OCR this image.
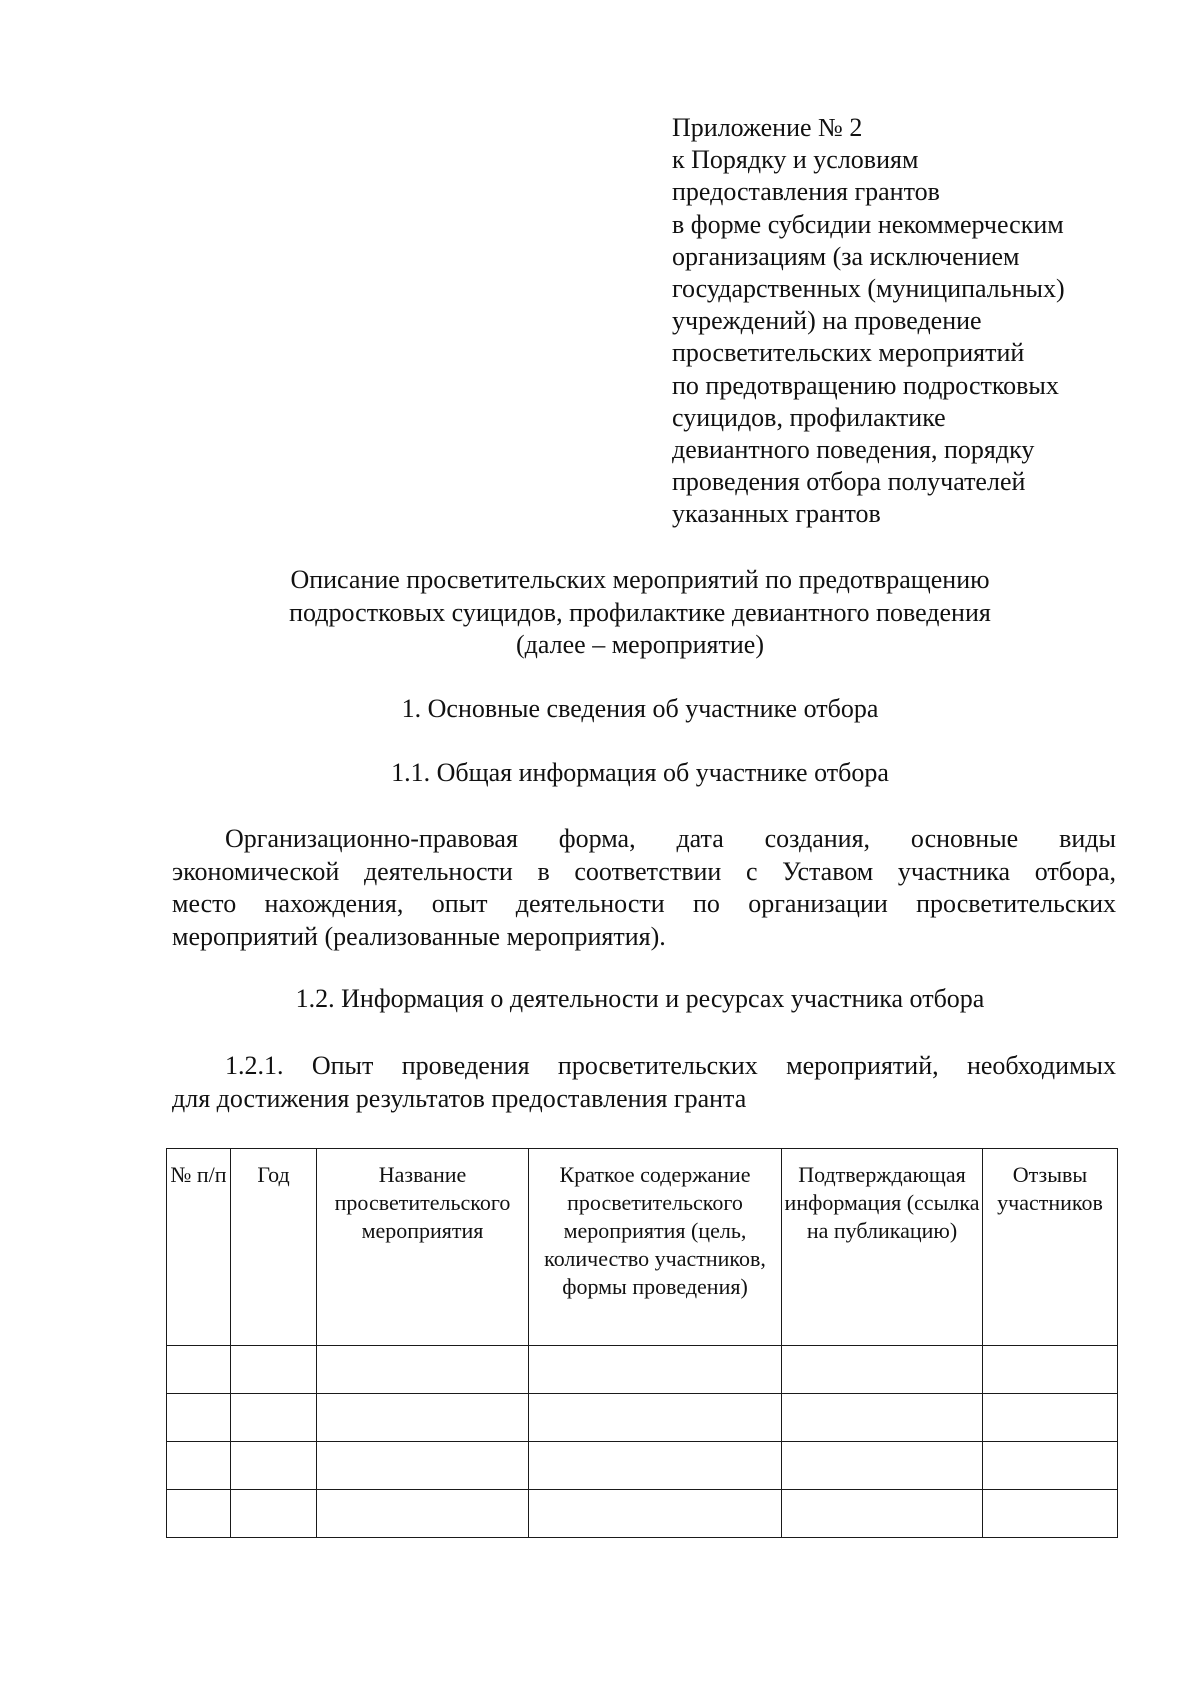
Приложение № 2
к Порядку и условиям
предоставления грантов
в форме субсидии некоммерческим
организациям (за исключением
государственных (муниципальных)
учреждений) на проведение
просветительских мероприятий
по предотвращению подростковых
суицидов, профилактике
девиантного поведения, порядку
проведения отбора получателей
указанных грантов
Описание просветительских мероприятий по предотвращению
подростковых суицидов, профилактике девиантного поведения
(далее – мероприятие)
1. Основные сведения об участнике отбора
1.1. Общая информация об участнике отбора
Организационно-правовая форма, дата создания, основные виды
экономической деятельности в соответствии с Уставом участника отбора,
место нахождения, опыт деятельности по организации просветительских
мероприятий (реализованные мероприятия).
1.2. Информация о деятельности и ресурсах участника отбора
1.2.1. Опыт проведения просветительских мероприятий, необходимых
для достижения результатов предоставления гранта
№ п/п	Год	Название просветительского мероприятия	Краткое содержание просветительского мероприятия (цель, количество участников, формы проведения)	Подтверждающая информация (ссылка на публикацию)	Отзывы участников
